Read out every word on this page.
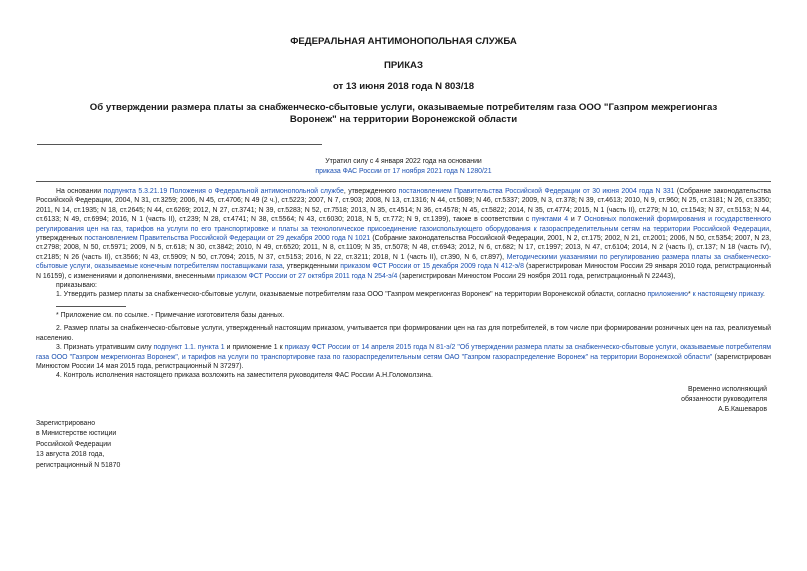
ФЕДЕРАЛЬНАЯ АНТИМОНОПОЛЬНАЯ СЛУЖБА
ПРИКАЗ
от 13 июня 2018 года N 803/18
Об утверждении размера платы за снабженческо-сбытовые услуги, оказываемые потребителям газа ООО "Газпром межрегионгаз Воронеж" на территории Воронежской области
Утратил силу с 4 января 2022 года на основании
приказа ФАС России от 17 ноября 2021 года N 1280/21

На основании подпункта 5.3.21.19 Положения о Федеральной антимонопольной службе, утвержденного постановлением Правительства Российской Федерации от 30 июня 2004 года N 331 (Собрание законодательства Российской Федерации, 2004, N 31, ст.3259; 2006, N 45, ст.4706; N 49 (2 ч.), ст.5223; 2007, N 7, ст.903; 2008, N 13, ст.1316; N 44, ст.5089; N 46, ст.5337; 2009, N 3, ст.378; N 39, ст.4613; 2010, N 9, ст.960; N 25, ст.3181; N 26, ст.3350; 2011, N 14, ст.1935; N 18, ст.2645; N 44, ст.6269; 2012, N 27, ст.3741; N 39, ст.5283; N 52, ст.7518; 2013, N 35, ст.4514; N 36, ст.4578; N 45, ст.5822; 2014, N 35, ст.4774; 2015, N 1 (часть II), ст.279; N 10, ст.1543; N 37, ст.5153; N 44, ст.6133; N 49, ст.6994; 2016, N 1 (часть II), ст.239; N 28, ст.4741; N 38, ст.5564; N 43, ст.6030; 2018, N 5, ст.772; N 9, ст.1399), также в соответствии с пунктами 4 и 7 Основных положений формирования и государственного регулирования цен на газ, тарифов на услуги по его транспортировке и платы за технологическое присоединение газоиспользующего оборудования к газораспределительным сетям на территории Российской Федерации, утвержденных постановлением Правительства Российской Федерации от 29 декабря 2000 года N 1021 (Собрание законодательства Российской Федерации, 2001, N 2, ст.175; 2002, N 21, ст.2001; 2006, N 50, ст.5354; 2007, N 23, ст.2798; 2008, N 50, ст.5971; 2009, N 5, ст.618; N 30, ст.3842; 2010, N 49, ст.6520; 2011, N 8, ст.1109; N 35, ст.5078; N 48, ст.6943; 2012, N 6, ст.682; N 17, ст.1997; 2013, N 47, ст.6104; 2014, N 2 (часть I), ст.137; N 18 (часть IV), ст.2185; N 26 (часть II), ст.3566; N 43, ст.5909; N 50, ст.7094; 2015, N 37, ст.5153; 2016, N 22, ст.3211; 2018, N 1 (часть II), ст.390, N 6, ст.897), Методическими указаниями по регулированию размера платы за снабженческо-сбытовые услуги, оказываемые конечным потребителям поставщиками газа, утвержденными приказом ФСТ России от 15 декабря 2009 года N 412-э/8 (зарегистрирован Минюстом России 29 января 2010 года, регистрационный N 16159), с изменениями и дополнениями, внесенными приказом ФСТ России от 27 октября 2011 года N 254-э/4 (зарегистрирован Минюстом России 29 ноября 2011 года, регистрационный N 22443),

приказываю:

1. Утвердить размер платы за снабженческо-сбытовые услуги, оказываемые потребителям газа ООО "Газпром межрегионгаз Воронеж" на территории Воронежской области, согласно приложению* к настоящему приказу.

* Приложение см. по ссылке. - Примечание изготовителя базы данных.

2. Размер платы за снабженческо-сбытовые услуги, утвержденный настоящим приказом, учитывается при формировании цен на газ для потребителей, в том числе при формировании розничных цен на газ, реализуемый населению.

3. Признать утратившим силу подпункт 1.1. пункта 1 и приложение 1 к приказу ФСТ России от 14 апреля 2015 года N 81-э/2 "Об утверждении размера платы за снабженческо-сбытовые услуги, оказываемые потребителям газа ООО "Газпром межрегионгаз Воронеж", и тарифов на услуги по транспортировке газа по газораспределительным сетям ОАО "Газпром газораспределение Воронеж" на территории Воронежской области" (зарегистрирован Минюстом России 14 мая 2015 года, регистрационный N 37297).

4. Контроль исполнения настоящего приказа возложить на заместителя руководителя ФАС России А.Н.Голомолзина.

Временно исполняющий
обязанности руководителя
А.Б.Кашеваров
Зарегистрировано
в Министерстве юстиции
Российской Федерации
13 августа 2018 года,
регистрационный N 51870
